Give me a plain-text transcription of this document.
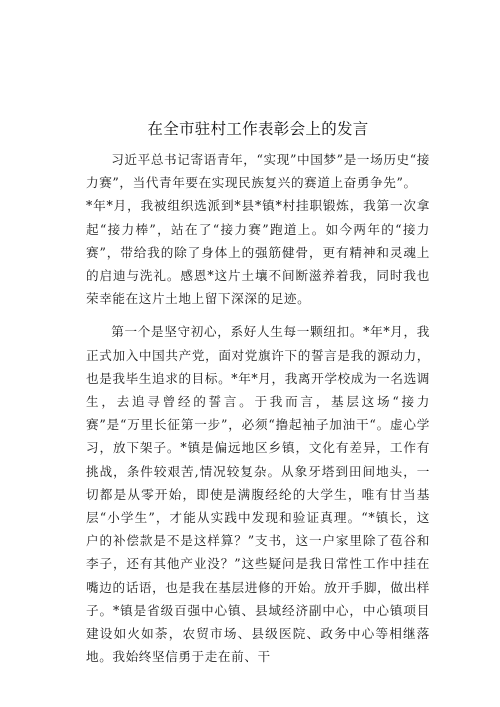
在全市驻村工作表彰会上的发言

习近平总书记寄语青年，“实现”中国梦”是一场历史“接力赛”，当代青年要在实现民族复兴的赛道上奋勇争先”。

*年*月，我被组织选派到*县*镇*村挂职锻炼，我第一次拿起“接力棒”，站在了“接力赛”跑道上。如今两年的“接力赛”，带给我的除了身体上的强筋健骨，更有精神和灵魂上的启迪与洗礼。感恩*这片土壤不间断滋养着我，同时我也荣幸能在这片土地上留下深深的足迹。

第一个是坚守初心，系好人生每一颗纽扣。*年*月，我正式加入中国共产党，面对党旗许下的誓言是我的源动力，也是我毕生追求的目标。*年*月，我离开学校成为一名选调生，去追寻曾经的誓言。于我而言，基层这场“接力赛”是“万里长征第一步”，必须“撸起袖子加油干“。虚心学习，放下架子。*镇是偏远地区乡镇，文化有差异，工作有挑战，条件较艰苦,情况较复杂。从象牙塔到田间地头，一切都是从零开始，即使是满腹经纶的大学生，唯有甘当基层“小学生”，才能从实践中发现和验证真理。“*镇长，这户的补偿款是不是这样算？”支书，这一户家里除了苞谷和李子，还有其他产业没？”这些疑问是我日常性工作中挂在嘴边的话语，也是我在基层进修的开始。放开手脚，做出样子。*镇是省级百强中心镇、县域经济副中心，中心镇项目建设如火如荼，农贸市场、县级医院、政务中心等相继落地。我始终坚信勇于走在前、干
